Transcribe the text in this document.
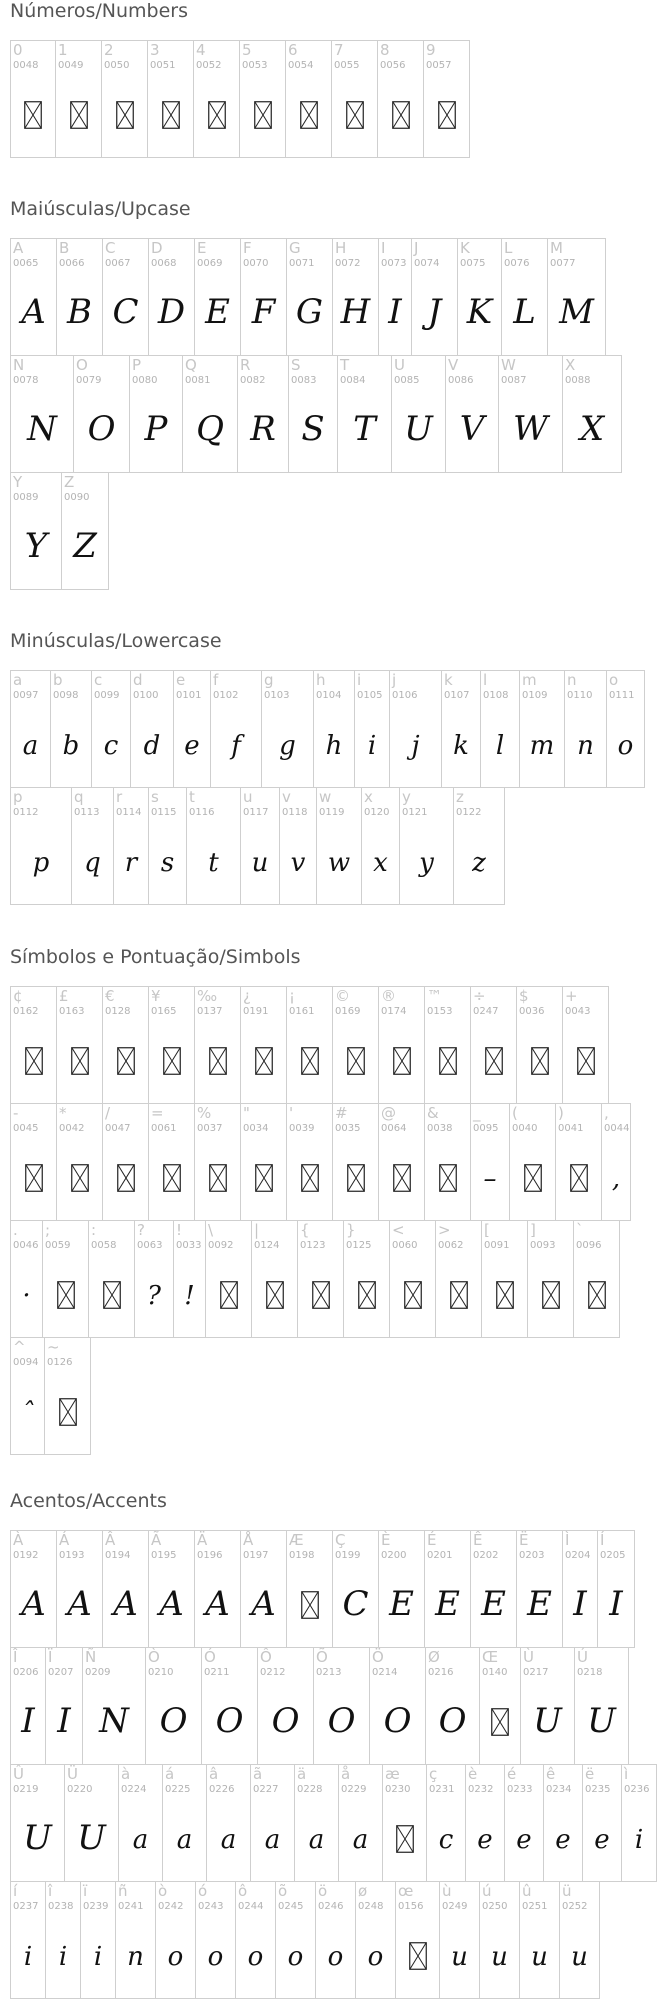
Números/Numbers
0
0048
1
0049
2
0050
3
0051
4
0052
5
0053
6
0054
7
0055
8
0056
9
0057
Maiúsculas/Upcase
A
0065
A
B
0066
B
C
0067
C
D
0068
D
E
0069
E
F
0070
F
G
0071
G
H
0072
H
I
0073
I
J
0074
J
K
0075
K
L
0076
L
M
0077
M
N
0078
N
O
0079
O
P
0080
P
Q
0081
Q
R
0082
R
S
0083
S
T
0084
T
U
0085
U
V
0086
V
W
0087
W
X
0088
X
Y
0089
Y
Z
0090
Z
Minúsculas/Lowercase
a
0097
a
b
0098
b
c
0099
c
d
0100
d
e
0101
e
f
0102
f
g
0103
g
h
0104
h
i
0105
i
j
0106
j
k
0107
k
l
0108
l
m
0109
m
n
0110
n
o
0111
o
p
0112
p
q
0113
q
r
0114
r
s
0115
s
t
0116
t
u
0117
u
v
0118
v
w
0119
w
x
0120
x
y
0121
y
z
0122
z
Símbolos e Pontuação/Simbols
¢
0162
£
0163
€
0128
¥
0165
‰
0137
¿
0191
¡
0161
©
0169
®
0174
™
0153
÷
0247
$
0036
+
0043
-
0045
*
0042
/
0047
=
0061
%
0037
"
0034
'
0039
#
0035
@
0064
&
0038
_
0095
–
(
0040
)
0041
,
0044
,
.
0046
·
;
0059
:
0058
?
0063
?
!
0033
!
\
0092
|
0124
{
0123
}
0125
<
0060
>
0062
[
0091
]
0093
`
0096
^
0094
ˆ
~
0126
Acentos/Accents
À
0192
A
Á
0193
A
Â
0194
A
Ã
0195
A
Ä
0196
A
Å
0197
A
Æ
0198
Ç
0199
C
È
0200
E
É
0201
E
Ê
0202
E
Ë
0203
E
Ì
0204
I
Í
0205
I
Î
0206
I
Ï
0207
I
Ñ
0209
N
Ò
0210
O
Ó
0211
O
Ô
0212
O
Õ
0213
O
Ö
0214
O
Ø
0216
O
Œ
0140
Ù
0217
U
Ú
0218
U
Û
0219
U
Ü
0220
U
à
0224
a
á
0225
a
â
0226
a
ã
0227
a
ä
0228
a
å
0229
a
æ
0230
ç
0231
c
è
0232
e
é
0233
e
ê
0234
e
ë
0235
e
ì
0236
i
í
0237
i
î
0238
i
ï
0239
i
ñ
0241
n
ò
0242
o
ó
0243
o
ô
0244
o
õ
0245
o
ö
0246
o
ø
0248
o
œ
0156
ù
0249
u
ú
0250
u
û
0251
u
ü
0252
u
